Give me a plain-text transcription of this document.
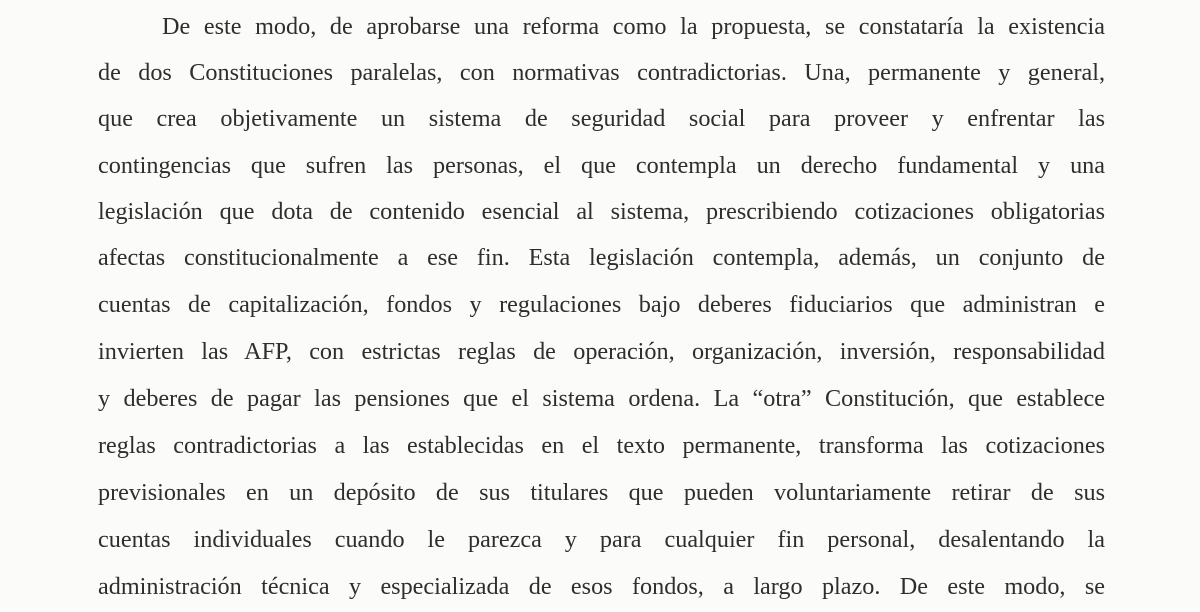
De este modo, de aprobarse una reforma como la propuesta, se constataría la existencia
de dos Constituciones paralelas, con normativas contradictorias. Una, permanente y general,
que crea objetivamente un sistema de seguridad social para proveer y enfrentar las
contingencias que sufren las personas, el que contempla un derecho fundamental y una
legislación que dota de contenido esencial al sistema, prescribiendo cotizaciones obligatorias
afectas constitucionalmente a ese fin. Esta legislación contempla, además, un conjunto de
cuentas de capitalización, fondos y regulaciones bajo deberes fiduciarios que administran e
invierten las AFP, con estrictas reglas de operación, organización, inversión, responsabilidad
y deberes de pagar las pensiones que el sistema ordena. La “otra” Constitución, que establece
reglas contradictorias a las establecidas en el texto permanente, transforma las cotizaciones
previsionales en un depósito de sus titulares que pueden voluntariamente retirar de sus
cuentas individuales cuando le parezca y para cualquier fin personal, desalentando la
administración técnica y especializada de esos fondos, a largo plazo. De este modo, se
